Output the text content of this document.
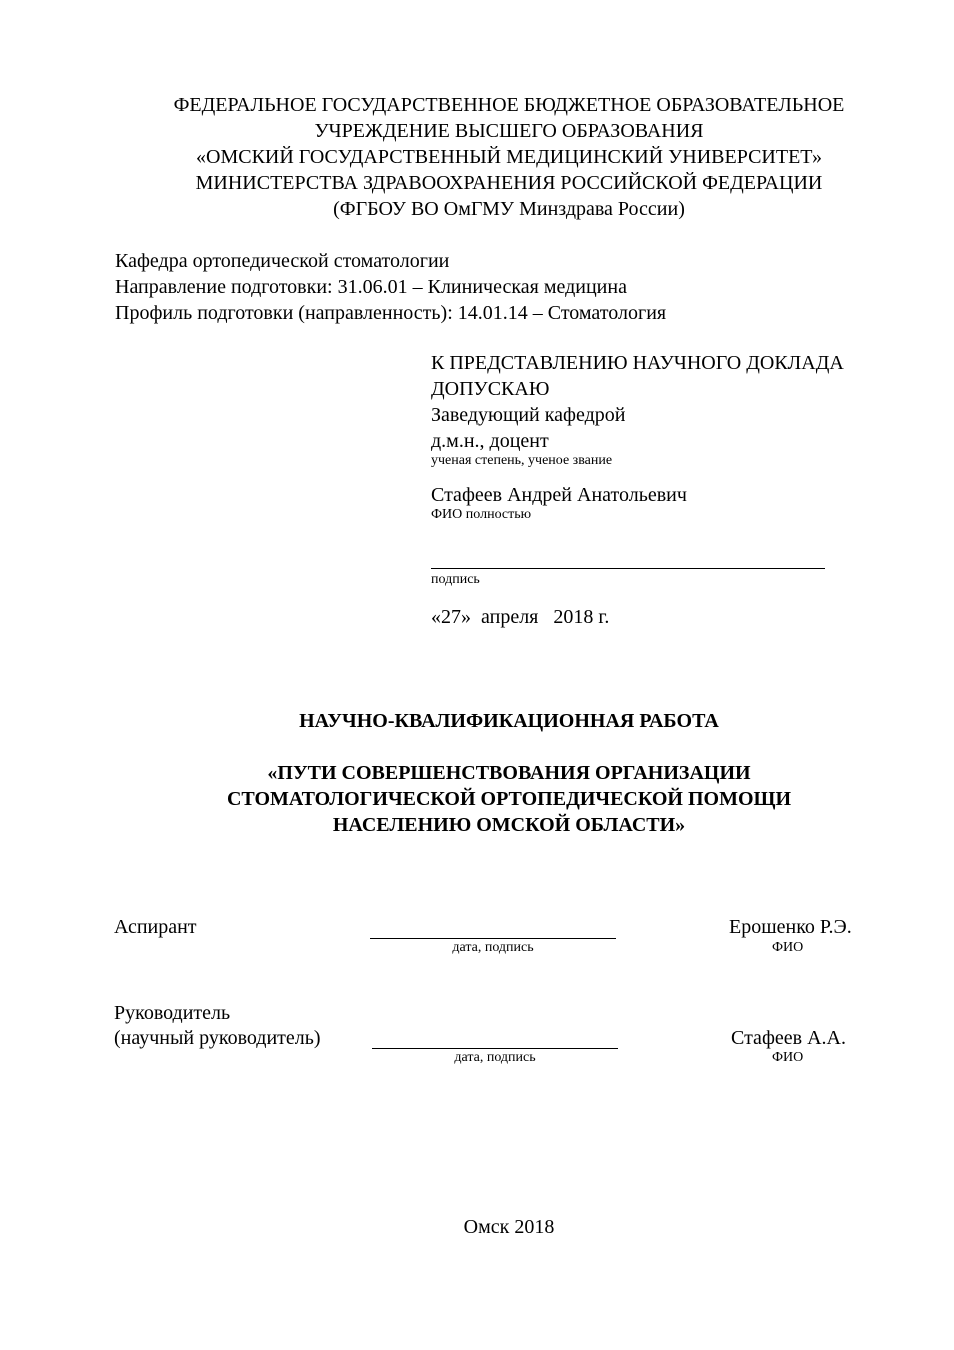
ФЕДЕРАЛЬНОЕ ГОСУДАРСТВЕННОЕ БЮДЖЕТНОЕ ОБРАЗОВАТЕЛЬНОЕ
УЧРЕЖДЕНИЕ ВЫСШЕГО ОБРАЗОВАНИЯ
«ОМСКИЙ ГОСУДАРСТВЕННЫЙ МЕДИЦИНСКИЙ УНИВЕРСИТЕТ»
МИНИСТЕРСТВА ЗДРАВООХРАНЕНИЯ РОССИЙСКОЙ ФЕДЕРАЦИИ
(ФГБОУ ВО ОмГМУ Минздрава России)
Кафедра ортопедической стоматологии
Направление подготовки: 31.06.01 – Клиническая медицина
Профиль подготовки (направленность): 14.01.14 – Стоматология
К ПРЕДСТАВЛЕНИЮ НАУЧНОГО ДОКЛАДА
ДОПУСКАЮ
Заведующий кафедрой
д.м.н., доцент
ученая степень, ученое звание
Стафеев Андрей Анатольевич
ФИО полностью
подпись
«27»  апреля   2018 г.
НАУЧНО-КВАЛИФИКАЦИОННАЯ РАБОТА
«ПУТИ СОВЕРШЕНСТВОВАНИЯ ОРГАНИЗАЦИИ
СТОМАТОЛОГИЧЕСКОЙ ОРТОПЕДИЧЕСКОЙ ПОМОЩИ
НАСЕЛЕНИЮ ОМСКОЙ ОБЛАСТИ»
Аспирант
дата, подпись
Ерошенко Р.Э.
ФИО
Руководитель
(научный руководитель)
дата, подпись
Стафеев А.А.
ФИО
Омск 2018
